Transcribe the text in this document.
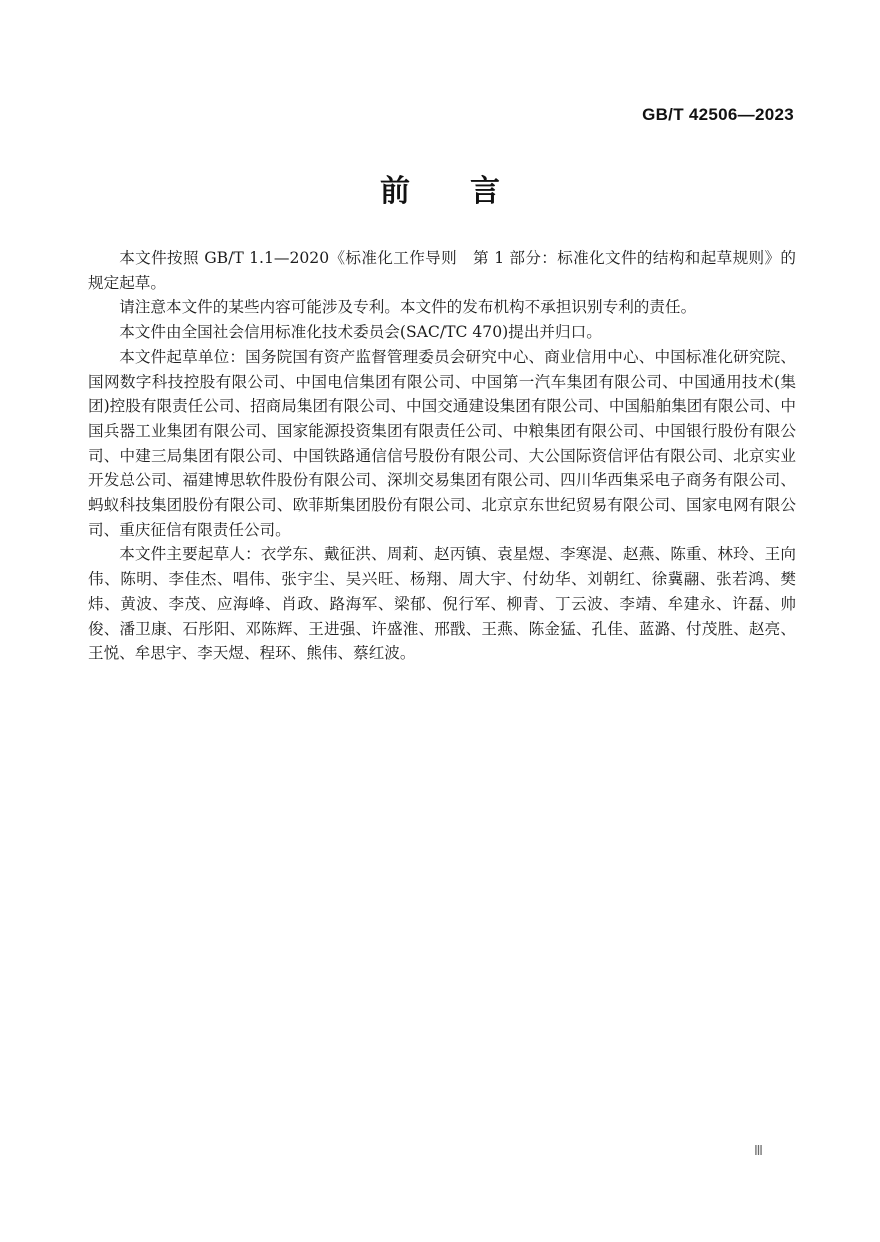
GB/T 42506—2023
前　　言

本文件按照 GB/T 1.1—2020《标准化工作导则　第 1 部分：标准化文件的结构和起草规则》的规定起草。

请注意本文件的某些内容可能涉及专利。本文件的发布机构不承担识别专利的责任。

本文件由全国社会信用标准化技术委员会(SAC/TC 470)提出并归口。

本文件起草单位：国务院国有资产监督管理委员会研究中心、商业信用中心、中国标准化研究院、国网数字科技控股有限公司、中国电信集团有限公司、中国第一汽车集团有限公司、中国通用技术(集团)控股有限责任公司、招商局集团有限公司、中国交通建设集团有限公司、中国船舶集团有限公司、中国兵器工业集团有限公司、国家能源投资集团有限责任公司、中粮集团有限公司、中国银行股份有限公司、中建三局集团有限公司、中国铁路通信信号股份有限公司、大公国际资信评估有限公司、北京实业开发总公司、福建博思软件股份有限公司、深圳交易集团有限公司、四川华西集采电子商务有限公司、蚂蚁科技集团股份有限公司、欧菲斯集团股份有限公司、北京京东世纪贸易有限公司、国家电网有限公司、重庆征信有限责任公司。

本文件主要起草人：衣学东、戴征洪、周莉、赵丙镇、袁星煜、李寒湜、赵燕、陈重、林玲、王向伟、陈明、李佳杰、唱伟、张宇尘、吴兴旺、杨翔、周大宇、付幼华、刘朝红、徐冀翮、张若鸿、樊炜、黄波、李茂、应海峰、肖政、路海军、梁郁、倪行军、柳青、丁云波、李靖、牟建永、许磊、帅俊、潘卫康、石彤阳、邓陈辉、王进强、许盛淮、邢戬、王燕、陈金猛、孔佳、蓝潞、付茂胜、赵亮、王悦、牟思宇、李天煜、程环、熊伟、蔡红波。

Ⅲ
